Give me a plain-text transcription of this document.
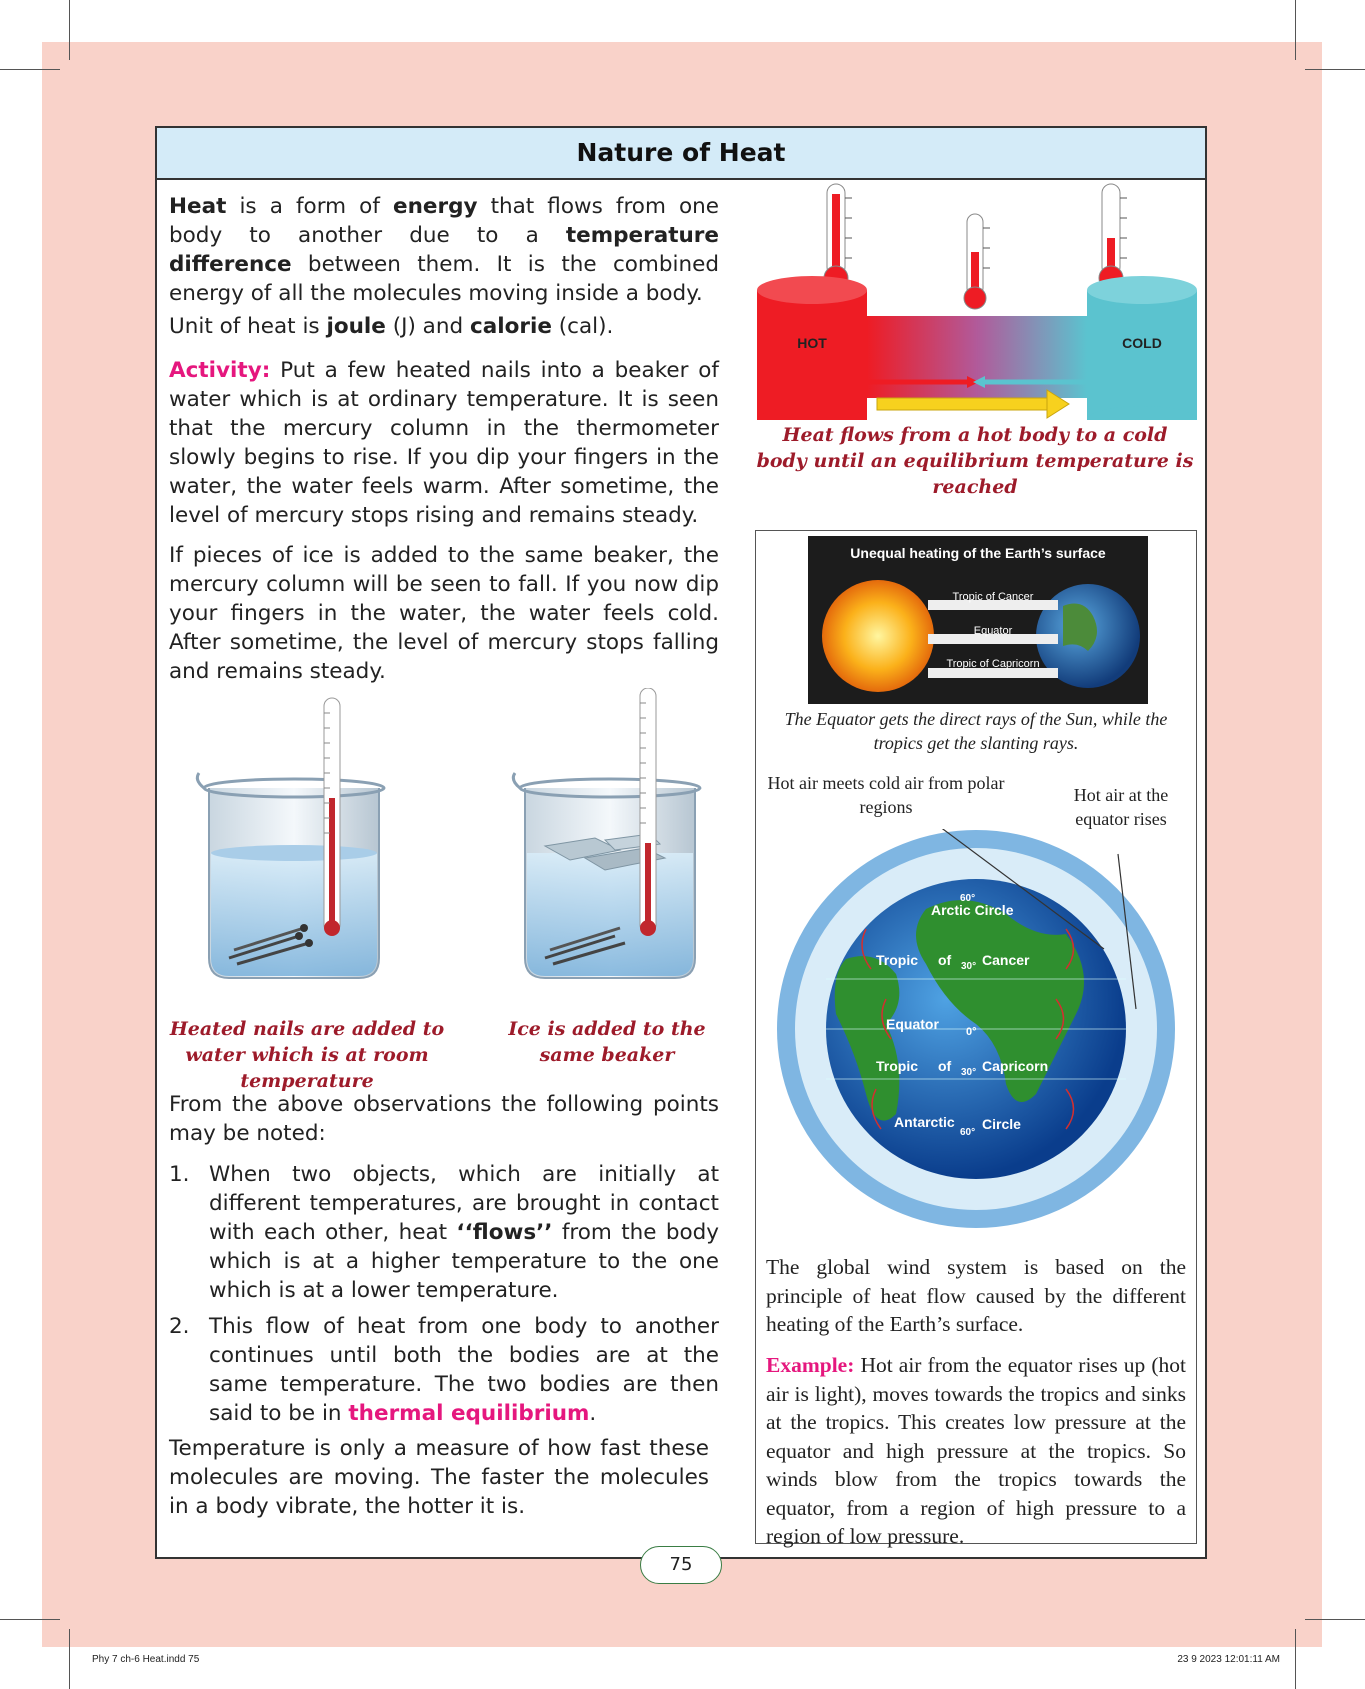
Nature of Heat

Heat is a form of energy that flows from one body to another due to a temperature difference between them. It is the combined energy of all the molecules moving inside a body.

Unit of heat is joule (J) and calorie (cal).

Activity: Put a few heated nails into a beaker of water which is at ordinary temperature. It is seen that the mercury column in the thermometer slowly begins to rise. If you dip your fingers in the water, the water feels warm. After sometime, the level of mercury stops rising and remains steady.

If pieces of ice is added to the same beaker, the mercury column will be seen to fall. If you now dip your fingers in the water, the water feels cold. After sometime, the level of mercury stops falling and remains steady.

Heated nails are added to water which is at room temperature
Ice is added to the same beaker

From the above observations the following points may be noted:

1. When two objects, which are initially at different temperatures, are brought in contact with each other, heat ‘‘flows’’ from the body which is at a higher temperature to the one which is at a lower temperature.
2. This flow of heat from one body to another continues until both the bodies are at the same temperature. The two bodies are then said to be in thermal equilibrium.

Temperature is only a measure of how fast these molecules are moving. The faster the molecules in a body vibrate, the hotter it is.

HOT	COLD
Heat flows from a hot body to a cold body until an equilibrium temperature is reached
Unequal heating of the Earth’s surface
Tropic of Cancer
Equator
Tropic of Capricorn
The Equator gets the direct rays of the Sun, while the tropics get the slanting rays.
Hot air meets cold air from polar regions
Hot air at the equator rises
60°
Arctic Circle
Tropic of 30° Cancer
Equator 0°
Tropic of 30° Capricorn
Antarctic
60°
Circle
The global wind system is based on the principle of heat flow caused by the different heating of the Earth’s surface.
Example: Hot air from the equator rises up (hot air is light), moves towards the tropics and sinks at the tropics. This creates low pressure at the equator and high pressure at the tropics. So winds blow from the tropics towards the equator, from a region of high pressure to a region of low pressure.
75
Phy 7 ch-6 Heat.indd 75	23 9 2023 12:01:11 AM
